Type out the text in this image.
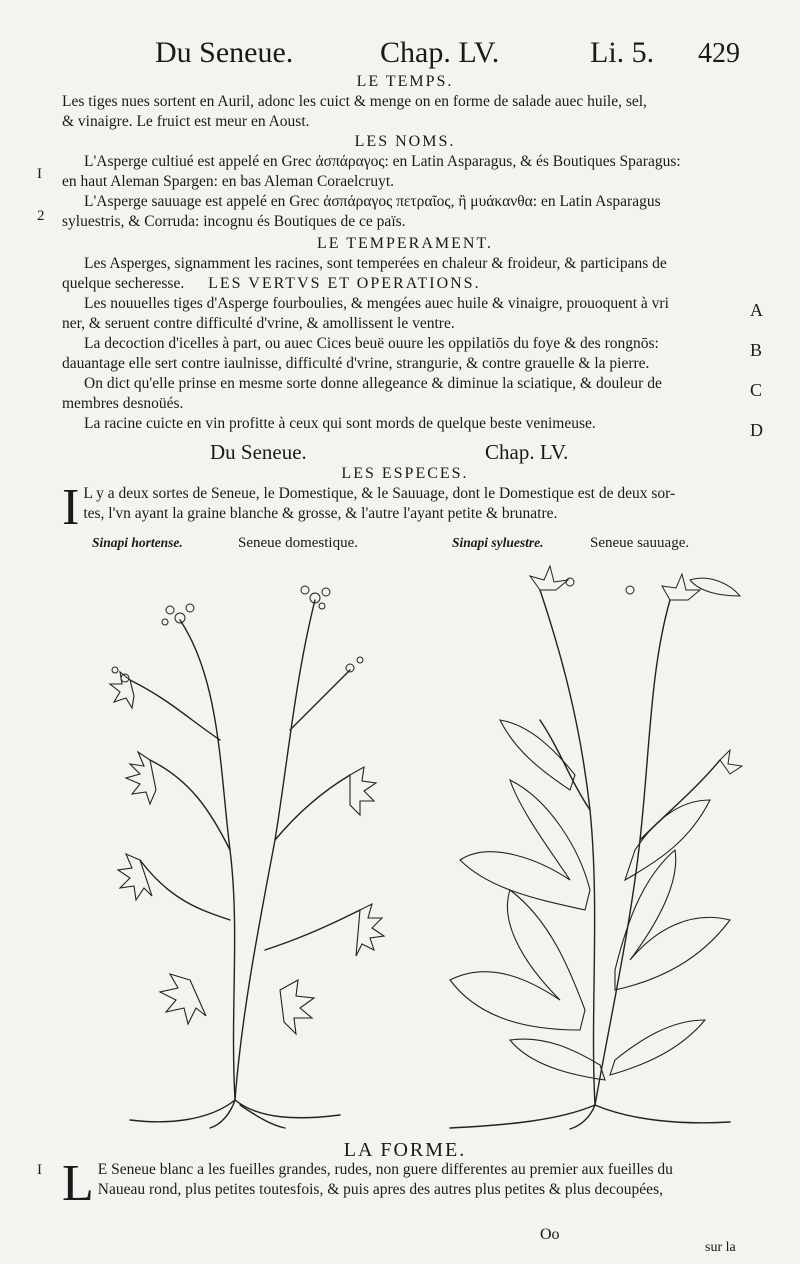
Du Seneue.	Chap. LV.	Li. 5. 429
LE TEMPS.
Les tiges nues sortent en Auril, adonc les cuict & menge on en forme de salade auec huile, sel,
& vinaigre. Le fruict est meur en Aoust.
LES NOMS.
L'Asperge cultiué est appelé en Grec ἀσπάραγος: en Latin Asparagus, & és Boutiques Sparagus:
en haut Aleman Spargen: en bas Aleman Coraelcruyt.
L'Asperge sauuage est appelé en Grec ἀσπάραγος πετραῖος, ἢ μυάκανθα: en Latin Asparagus
syluestris, & Corruda: incognu és Boutiques de ce païs.
LE TEMPERAMENT.
Les Asperges, signamment les racines, sont temperées en chaleur & froideur, & participans de
quelque secheresse. LES VERTVS ET OPERATIONS.
Les nouuelles tiges d'Asperge fourboulies, & mengées auec huile & vinaigre, prouoquent à vri
ner, & seruent contre difficulté d'vrine, & amollissent le ventre.
La decoction d'icelles à part, ou auec Cices beuë ouure les oppilatiōs du foye & des rongnōs:
dauantage elle sert contre iaulnisse, difficulté d'vrine, strangurie, & contre grauelle & la pierre.
On dict qu'elle prinse en mesme sorte donne allegeance & diminue la sciatique, & douleur de
membres desnoüés.
La racine cuicte en vin profitte à ceux qui sont mords de quelque beste venimeuse.
I
2
I
A
B
C
D
Du Seneue.	Chap. LV.
LES ESPECES.
I L y a deux sortes de Seneue, le Domestique, & le Sauuage, dont le Domestique est de deux sor-
tes, l'vn ayant la graine blanche & grosse, & l'autre l'ayant petite & brunatre.
Sinapi hortense.	Seneue domestique.	Sinapi syluestre.	Seneue sauuage.
LA FORME.
L E Seneue blanc a les fueilles grandes, rudes, non guere differentes au premier aux fueilles du
Naueau rond, plus petites toutesfois, & puis apres des autres plus petites & plus decoupées,
Oo
sur la
